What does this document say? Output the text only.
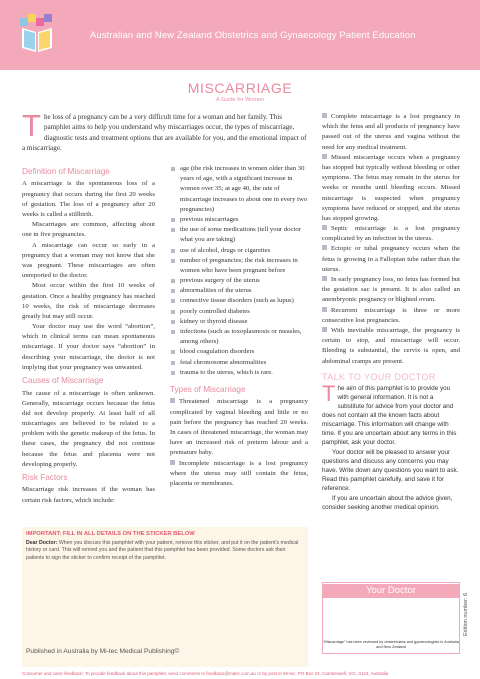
Australian and New Zealand Obstetrics and Gynaecology Patient Education
MISCARRIAGE
A Guide for Women
T he loss of a pregnancy can be a very difficult time for a woman and her family. This pamphlet aims to help you understand why miscarriages occur, the types of miscarriage, diagnostic tests and treatment options that are available for you, and the emotional impact of a miscarriage.
Definition of Miscarriage
A miscarriage is the spontaneous loss of a pregnancy that occurs during the first 20 weeks of gestation. The loss of a pregnancy after 20 weeks is called a stillbirth.
Miscarriages are common, affecting about one in five pregnancies.
A miscarriage can occur so early in a pregnancy that a woman may not know that she was pregnant. These miscarriages are often unreported to the doctor.
Most occur within the first 10 weeks of gestation. Once a healthy pregnancy has reached 10 weeks, the risk of miscarriage decreases greatly but may still occur.
Your doctor may use the word “abortion”, which in clinical terms can mean spontaneous miscarriage. If your doctor says “abortion” in describing your miscarriage, the doctor is not implying that your pregnancy was unwanted.
Causes of Miscarriage
The cause of a miscarriage is often unknown. Generally, miscarriage occurs because the fetus did not develop properly. At least half of all miscarriages are believed to be related to a problem with the genetic makeup of the fetus. In these cases, the pregnancy did not continue because the fetus and placenta were not developing properly.
Risk Factors
Miscarriage risk increases if the woman has certain risk factors, which include:
age (the risk increases in women older than 30 years of age, with a significant increase in women over 35; at age 40, the rate of miscarriage increases to about one in every two pregnancies)
previous miscarriages
the use of some medications (tell your doctor what you are taking)
use of alcohol, drugs or cigarettes
number of pregnancies; the risk increases in women who have been pregnant before
previous surgery of the uterus
abnormalities of the uterus
connective tissue disorders (such as lupus)
poorly controlled diabetes
kidney or thyroid disease
infections (such as toxoplasmosis or measles, among others)
blood coagulation disorders
fetal chromosome abnormalities
trauma to the uterus, which is rare.
Types of Miscarriage
Threatened miscarriage is a pregnancy complicated by vaginal bleeding and little or no pain before the pregnancy has reached 20 weeks. In cases of threatened miscarriage, the woman may have an increased risk of preterm labour and a premature baby.
Incomplete miscarriage is a lost pregnancy where the uterus may still contain the fetus, placenta or membranes.
Complete miscarriage is a lost pregnancy in which the fetus and all products of pregnancy have passed out of the uterus and vagina without the need for any medical treatment.
Missed miscarriage occurs when a pregnancy has stopped but typically without bleeding or other symptoms. The fetus may remain in the uterus for weeks or months until bleeding occurs. Missed miscarriage is suspected when pregnancy symptoms have reduced or stopped, and the uterus has stopped growing.
Septic miscarriage is a lost pregnancy complicated by an infection in the uterus.
Ectopic or tubal pregnancy occurs when the fetus is growing in a Fallopian tube rather than the uterus.
In early pregnancy loss, no fetus has formed but the gestation sac is present. It is also called an anembryonic pregnancy or blighted ovum.
Recurrent miscarriage is three or more consecutive lost pregnancies.
With inevitable miscarriage, the pregnancy is certain to stop, and miscarriage will occur. Bleeding is substantial, the cervix is open, and abdominal cramps are present.
TALK TO YOUR DOCTOR
T he aim of this pamphlet is to provide you with general information. It is not a substitute for advice from your doctor and does not contain all the known facts about miscarriage. This information will change with time. If you are uncertain about any terms in this pamphlet, ask your doctor.
Your doctor will be pleased to answer your questions and discuss any concerns you may have. Write down any questions you want to ask. Read this pamphlet carefully, and save it for reference.
If you are uncertain about the advice given, consider seeking another medical opinion.
Your Doctor
“Miscarriage” has been reviewed by obstetricians and gynaecologists in Australia and New Zealand
IMPORTANT: FILL IN ALL DETAILS ON THE STICKER BELOW
Dear Doctor: When you discuss this pamphlet with your patient, remove this sticker, and put it on the patient’s medical history or card. This will remind you and the patient that this pamphlet has been provided. Some doctors ask their patients to sign the sticker to confirm receipt of the pamphlet.
Published in Australia by Mi-tec Medical Publishing©
Edition number: 6
Consumer and carer feedback: To provide feedback about this pamphlet, send comments to feedback@mitec.com.au or by post to Mi-tec, PO Box 24, Camberwell, VIC, 3124, Australia
